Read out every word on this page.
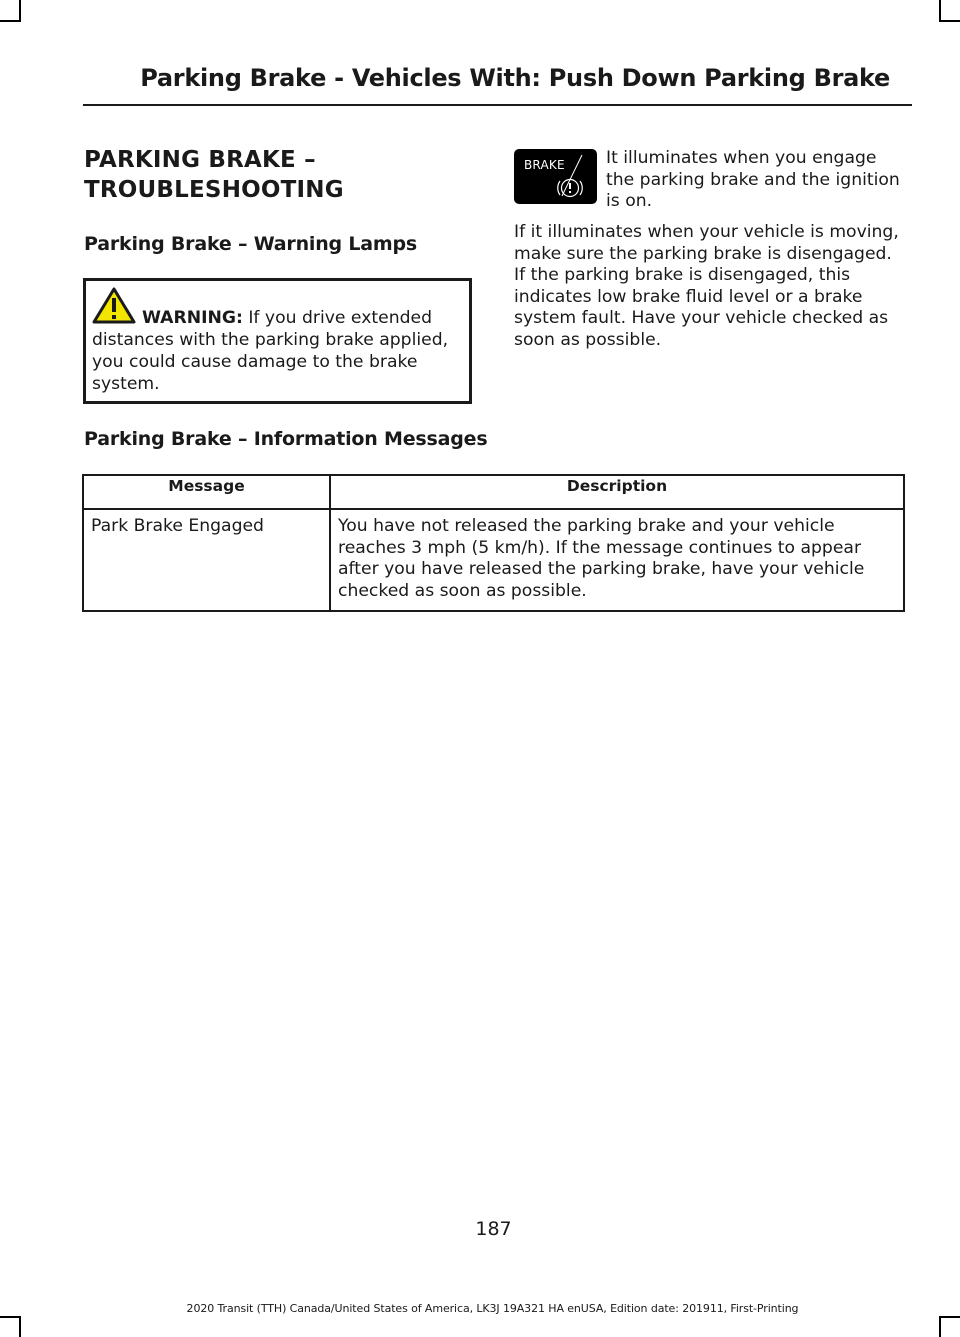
Parking Brake - Vehicles With: Push Down Parking Brake
PARKING BRAKE –
TROUBLESHOOTING
Parking Brake – Warning Lamps
WARNING: If you drive extended distances with the parking brake applied, you could cause damage to the brake system.
BRAKE It illuminates when you engage the parking brake and the ignition is on.
If it illuminates when your vehicle is moving, make sure the parking brake is disengaged. If the parking brake is disengaged, this indicates low brake fluid level or a brake system fault. Have your vehicle checked as soon as possible.
Parking Brake – Information Messages
Message	Description
Park Brake Engaged	You have not released the parking brake and your vehicle reaches 3 mph (5 km/h). If the message continues to appear after you have released the parking brake, have your vehicle checked as soon as possible.
187
2020 Transit (TTH) Canada/United States of America, LK3J 19A321 HA enUSA, Edition date: 201911, First-Printing
